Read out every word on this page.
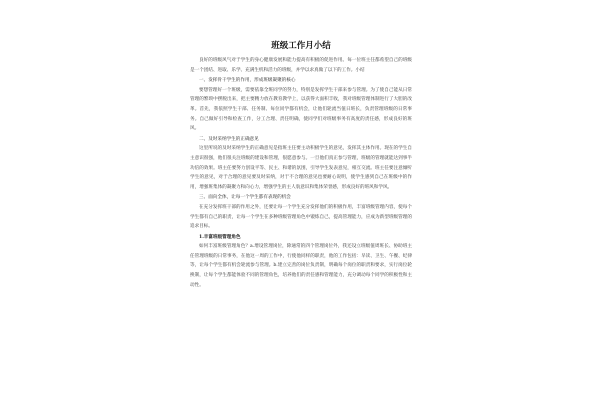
班级工作月小结

良好的班级风气对于学生的身心健康发展和能力提高有积极的促进作用。每一位班主任都希望自己的班级是一个团结、进取、乐学、充满生机和活力的班级，并学以求真做了以下的工作。小结

一、发挥骨干学生的作用，形成班级凝聚的核心

要想管理好一个班级，需要依靠全班同学的努力，特别是发挥学生干部来参与管理。为了使自己能从日常管理的繁琐中摆脱出来，把主要精力放在教育教学上，以获得大面积丰收，我对班级管理体制进行了大胆的改革。首先，我依照学生干部、任务制、每位同学都有机会，让他们轮流当值日班长，负责管理班级的日常事务。自己做好引导和检查工作，分工合理、责任明确，使同学们对班级事务有高度的责任感，形成良好的班风。

二、及时采纳学生的正确意见

这里所说的及时采纳学生的正确意见是指班主任要主动积极学生的意见，发挥其主体作用。现在的学生自主意识很强，他们很关注班级的建设和管理，很愿意参与。一旦他们真正参与管理，班级的管理就能达到事半功倍的效果。班主任要努力创设平等、民主、和谐的氛围，引导学生发表意见，相互交流。班主任要注意倾听学生的意见，对于合理的意见要及时采纳，对于不合理的意见也要耐心说明，使学生感到自己在班级中的作用，增强班集体的凝聚力和向心力，增强学生的主人翁意识和集体荣誉感，形成良好的班风和学风。

三、面向全体，让每一个学生都有表现的机会

在充分发挥班干部的作用之外，还要让每一个学生充分发挥他们的积极作用，丰富班级管理内容，使每个学生都有自己的职责，让每一个学生在多种班级管理角色中锻炼自己，提高管理能力，应成为新型班级管理的追求目标。

1.丰富班级管理角色

如何丰富班级管理角色？a.增设管理岗位，除通常的四个管理岗位外，我还设立班级值周班长、协助班主任管理班级的日常事务，在他这一周的工作中，行使他同样的职责，他的工作包括：早读、卫生、午餐、纪律等，让每个学生都有机会轮流参与管理。b.建立完善的岗位负责制，明确每个岗位的职责和要求，实行岗位轮换制，让每个学生都能体验不同的管理角色，培养他们的责任感和管理能力，充分调动每个同学的积极性和主动性。
